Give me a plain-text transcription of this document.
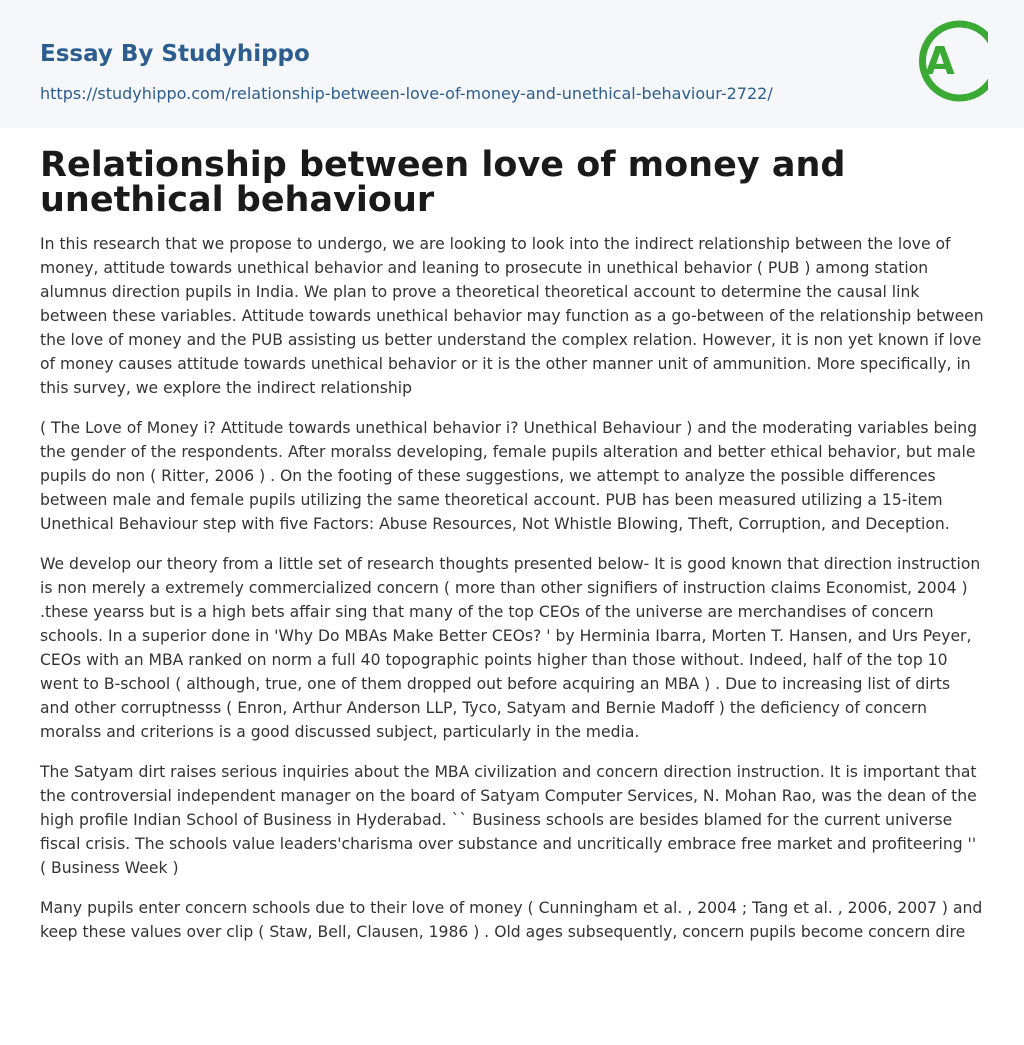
Essay By Studyhippo
https://studyhippo.com/relationship-between-love-of-money-and-unethical-behaviour-2722/
A
Relationship between love of money and unethical behaviour

In this research that we propose to undergo, we are looking to look into the indirect relationship between the love of money, attitude towards unethical behavior and leaning to prosecute in unethical behavior ( PUB ) among station alumnus direction pupils in India. We plan to prove a theoretical theoretical account to determine the causal link between these variables. Attitude towards unethical behavior may function as a go-between of the relationship between the love of money and the PUB assisting us better understand the complex relation. However, it is non yet known if love of money causes attitude towards unethical behavior or it is the other manner unit of ammunition. More specifically, in this survey, we explore the indirect relationship

( The Love of Money i? Attitude towards unethical behavior i? Unethical Behaviour ) and the moderating variables being the gender of the respondents. After moralss developing, female pupils alteration and better ethical behavior, but male pupils do non ( Ritter, 2006 ) . On the footing of these suggestions, we attempt to analyze the possible differences between male and female pupils utilizing the same theoretical account. PUB has been measured utilizing a 15-item Unethical Behaviour step with five Factors: Abuse Resources, Not Whistle Blowing, Theft, Corruption, and Deception.

We develop our theory from a little set of research thoughts presented below- It is good known that direction instruction is non merely a extremely commercialized concern ( more than other signifiers of instruction claims Economist, 2004 ) .these yearss but is a high bets affair sing that many of the top CEOs of the universe are merchandises of concern schools. In a superior done in 'Why Do MBAs Make Better CEOs? ' by Herminia Ibarra, Morten T. Hansen, and Urs Peyer, CEOs with an MBA ranked on norm a full 40 topographic points higher than those without. Indeed, half of the top 10 went to B-school ( although, true, one of them dropped out before acquiring an MBA ) . Due to increasing list of dirts and other corruptnesss ( Enron, Arthur Anderson LLP, Tyco, Satyam and Bernie Madoff ) the deficiency of concern moralss and criterions is a good discussed subject, particularly in the media.

The Satyam dirt raises serious inquiries about the MBA civilization and concern direction instruction. It is important that the controversial independent manager on the board of Satyam Computer Services, N. Mohan Rao, was the dean of the high profile Indian School of Business in Hyderabad. `` Business schools are besides blamed for the current universe fiscal crisis. The schools value leaders'charisma over substance and uncritically embrace free market and profiteering '' ( Business Week )

Many pupils enter concern schools due to their love of money ( Cunningham et al. , 2004 ; Tang et al. , 2006, 2007 ) and keep these values over clip ( Staw, Bell, Clausen, 1986 ) . Old ages subsequently, concern pupils become concern dire
